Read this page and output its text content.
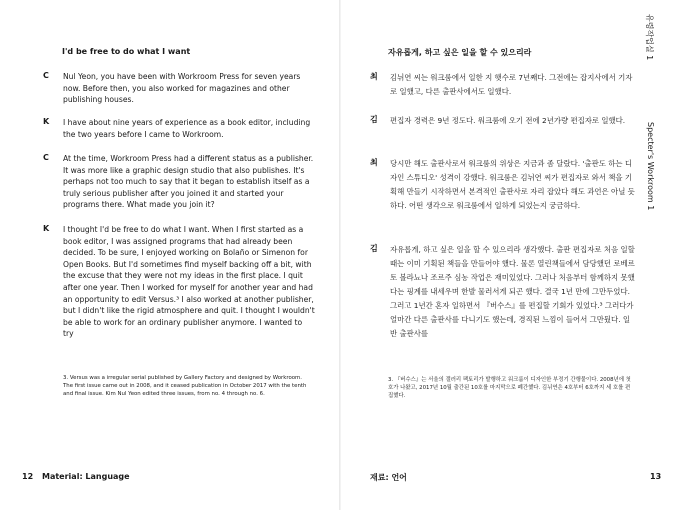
I'd be free to do what I want
C Nul Yeon, you have been with Workroom Press for seven years now. Before then, you also worked for magazines and other publishing houses.
K I have about nine years of experience as a book editor, including the two years before I came to Workroom.
C At the time, Workroom Press had a different status as a publisher. It was more like a graphic design studio that also publishes. It's perhaps not too much to say that it began to establish itself as a truly serious publisher after you joined it and started your programs there. What made you join it?
K I thought I'd be free to do what I want. When I first started as a book editor, I was assigned programs that had already been decided. To be sure, I enjoyed working on Bolaño or Simenon for Open Books. But I'd sometimes find myself backing off a bit, with the excuse that they were not my ideas in the first place. I quit after one year. Then I worked for myself for another year and had an opportunity to edit Versus.³ I also worked at another publisher, but I didn't like the rigid atmosphere and quit. I thought I wouldn't be able to work for an ordinary publisher anymore. I wanted to try
3. Versus was a irregular serial published by Gallery Factory and designed by Workroom. The first issue came out in 2008, and it ceased publication in October 2017 with the tenth and final issue. Kim Nul Yeon edited three issues, from no. 4 through no. 6.
12 Material: Language
자유롭게, 하고 싶은 일을 할 수 있으리라
최 김뉘연 씨는 워크룸에서 일한 지 햇수로 7년째다. 그전에는 잡지사에서 기자로 일했고, 다른 출판사에서도 일했다.
김 편집자 경력은 9년 정도다. 워크룸에 오기 전에 2년가량 편집자로 일했다.
최 당시만 해도 출판사로서 워크룸의 위상은 지금과 좀 달랐다. '출판도 하는 디자인 스튜디오' 성격이 강했다. 워크룸은 김뉘연 씨가 편집자로 와서 책을 기획해 만들기 시작하면서 본격적인 출판사로 자리 잡았다 해도 과언은 아닐 듯하다. 어떤 생각으로 워크룸에서 일하게 되었는지 궁금하다.
김 자유롭게, 하고 싶은 일을 할 수 있으리라 생각했다. 출판 편집자로 처음 일할 때는 이미 기획된 책들을 만들어야 했다. 물론 열린책들에서 담당했던 로베르토 볼라뇨나 조르주 심농 작업은 재미있었다. 그러나 처음부터 함께하지 못했다는 핑계를 내세우며 한발 물러서게 되곤 했다. 결국 1년 만에 그만두었다. 그러고 1년간 혼자 일하면서 『버수스』를 편집할 기회가 있었다.³ 그러다가 얼마간 다른 출판사를 다니기도 했는데, 경직된 느낌이 들어서 그만뒀다. 일반 출판사를
3. 『버수스』는 서울의 갤러리 팩토리가 발행하고 워크룸이 디자인한 부정기 간행물이다. 2008년에 첫 호가 나왔고, 2017년 10월 출간된 10호를 마지막으로 폐간했다. 김뉘연은 4호부터 6호까지 세 호를 편집했다.
재료: 언어	13
유령작업실 1
Specter's Workroom 1
